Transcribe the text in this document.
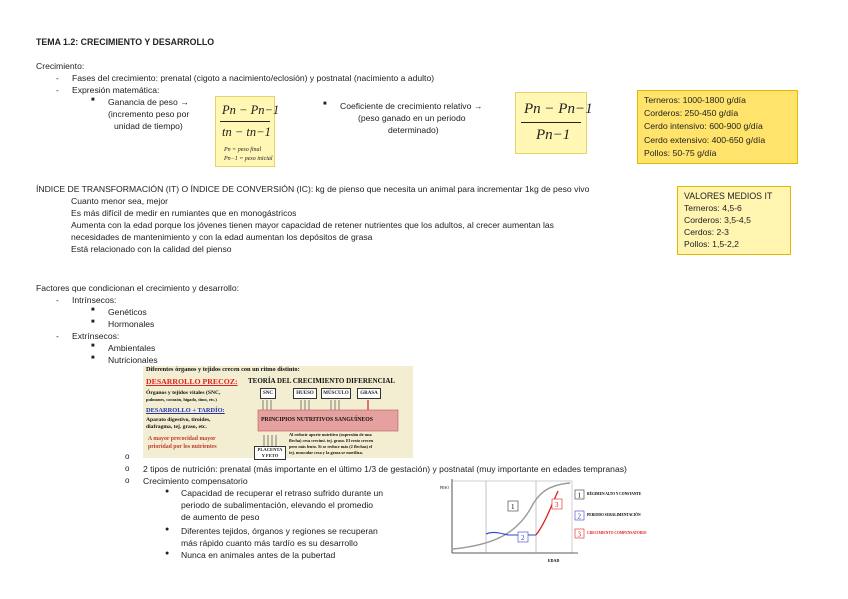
TEMA 1.2: CRECIMIENTO Y DESARROLLO
Crecimiento:
- Fases del crecimiento: prenatal (cigoto a nacimiento/eclosión) y postnatal (nacimiento a adulto)
- Expresión matemática:
■ Ganancia de peso →
(incremento peso por
unidad de tiempo)
Pn − Pn−1
tn − tn−1
Pn = peso final
Pn−1 = peso inicial
■ Coeficiente de crecimiento relativo →
(peso ganado en un periodo
determinado)
Pn − Pn−1
Pn−1
Terneros: 1000-1800 g/día
Corderos: 250-450 g/día
Cerdo intensivo: 600-900 g/día
Cerdo extensivo: 400-650 g/día
Pollos: 50-75 g/día
ÍNDICE DE TRANSFORMACIÓN (IT) O ÍNDICE DE CONVERSIÓN (IC): kg de pienso que necesita un animal para incrementar 1kg de peso vivo
Cuanto menor sea, mejor
Es más difícil de medir en rumiantes que en monogástricos
Aumenta con la edad porque los jóvenes tienen mayor capacidad de retener nutrientes que los adultos, al crecer aumentan las
necesidades de mantenimiento y con la edad aumentan los depósitos de grasa
Está relacionado con la calidad del pienso
VALORES MEDIOS IT
Terneros: 4,5-6
Corderos: 3,5-4,5
Cerdos: 2-3
Pollos: 1,5-2,2
Factores que condicionan el crecimiento y desarrollo:
- Intrínsecos:
■ Genéticos
■ Hormonales
- Extrínsecos:
■ Ambientales
■ Nutricionales
Diferentes órganos y tejidos crecen con un ritmo distinto:
DESARROLLO PRECOZ:
Órganos y tejidos vitales (SNC,
pulmones, corazón, hígado, timo, etc.)
DESARROLLO + TARDÍO:
Aparato digestivo, tiroides,
diafragma, tej. graso, etc.
A mayor precocidad mayor
prioridad por los nutrientes
TEORÍA DEL CRECIMIENTO DIFERENCIAL
SNC	HUESO	MÚSCULO	GRASA
PRINCIPIOS NUTRITIVOS SANGUÍNEOS
PLACENTA
Y FETO
Al reducir aporte nutritivo (supresión de una
flecha) cesa crecimi. tej. graso. El resto crecen
pero más lento. Si se reduce más (2 flechas) el
tej. muscular cesa y la grasa se moviliza.
o
o 2 tipos de nutrición: prenatal (más importante en el último 1/3 de gestación) y postnatal (muy importante en edades tempranas)
o Crecimiento compensatorio
● Capacidad de recuperar el retraso sufrido durante un
periodo de subalimentación, elevando el promedio
de aumento de peso
● Diferentes tejidos, órganos y regiones se recuperan
más rápido cuanto más tardío es su desarrollo
● Nunca en animales antes de la pubertad
1
2
3
PESO
EDAD
1 RÉGIMEN ALTO Y CONSTANTE
2 PERIODO SUBALIMENTACIÓN
3 CRECIMIENTO COMPENSATORIO
